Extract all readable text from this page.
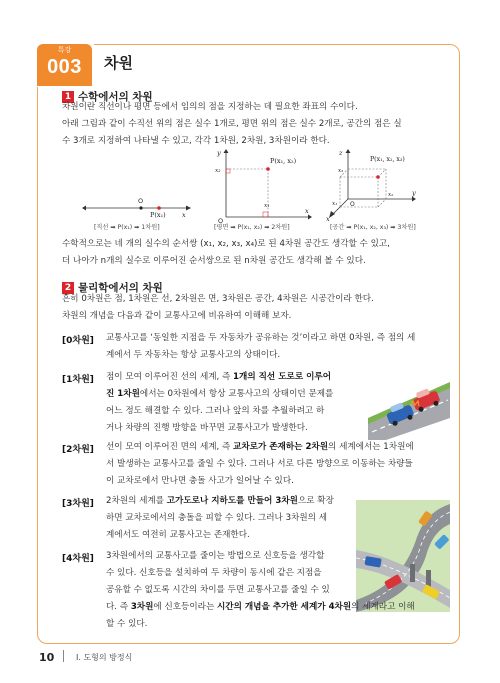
특강
003	차원
1 수학에서의 차원
차원이란 직선이나 평면 등에서 임의의 점을 지정하는 데 필요한 좌표의 수이다.
아래 그림과 같이 수직선 위의 점은 실수 1개로, 평면 위의 점은 실수 2개로, 공간의 점은 실
수 3개로 지정하여 나타낼 수 있고, 각각 1차원, 2차원, 3차원이라 한다.
O
P(x₁)	x
[직선 ➡ P(x₁) ➡ 1차원]
P(x₁, x₂)
y
x
x₂
x₁
O
[평면 ➡ P(x₁, x₂) ➡ 2차원]
P(x₁, x₂, x₃)
z
y
x
x₃
x₂
x₁ O
[공간 ➡ P(x₁, x₂, x₃) ➡ 3차원]
수학적으로는 네 개의 실수의 순서쌍 (x₁, x₂, x₃, x₄)로 된 4차원 공간도 생각할 수 있고,
더 나아가 n개의 실수로 이루어진 순서쌍으로 된 n차원 공간도 생각해 볼 수 있다.
2 물리학에서의 차원
흔히 0차원은 점, 1차원은 선, 2차원은 면, 3차원은 공간, 4차원은 시공간이라 한다.
차원의 개념을 다음과 같이 교통사고에 비유하여 이해해 보자.
[0차원] 교통사고를 ‘동일한 지점을 두 자동차가 공유하는 것’이라고 하면 0차원, 즉 점의 세
계에서 두 자동차는 항상 교통사고의 상태이다.
[1차원] 점이 모여 이루어진 선의 세계, 즉 1개의 직선 도로로 이루어
진 1차원에서는 0차원에서 항상 교통사고의 상태이던 문제를
어느 정도 해결할 수 있다. 그러나 앞의 차를 추월하려고 하
거나 차량의 진행 방향을 바꾸면 교통사고가 발생한다.
[2차원] 선이 모여 이루어진 면의 세계, 즉 교차로가 존재하는 2차원의 세계에서는 1차원에
서 발생하는 교통사고를 줄일 수 있다. 그러나 서로 다른 방향으로 이동하는 차량들
이 교차로에서 만나면 충돌 사고가 일어날 수 있다.
[3차원] 2차원의 세계를 고가도로나 지하도를 만들어 3차원으로 확장
하면 교차로에서의 충돌을 피할 수 있다. 그러나 3차원의 세
계에서도 여전히 교통사고는 존재한다.
[4차원] 3차원에서의 교통사고를 줄이는 방법으로 신호등을 생각할
수 있다. 신호등을 설치하여 두 차량이 동시에 같은 지점을
공유할 수 없도록 시간의 차이를 두면 교통사고를 줄일 수 있
다. 즉 3차원에 신호등이라는 시간의 개념을 추가한 세계가 4차원의 세계라고 이해
할 수 있다.
10	Ⅰ. 도형의 방정식
